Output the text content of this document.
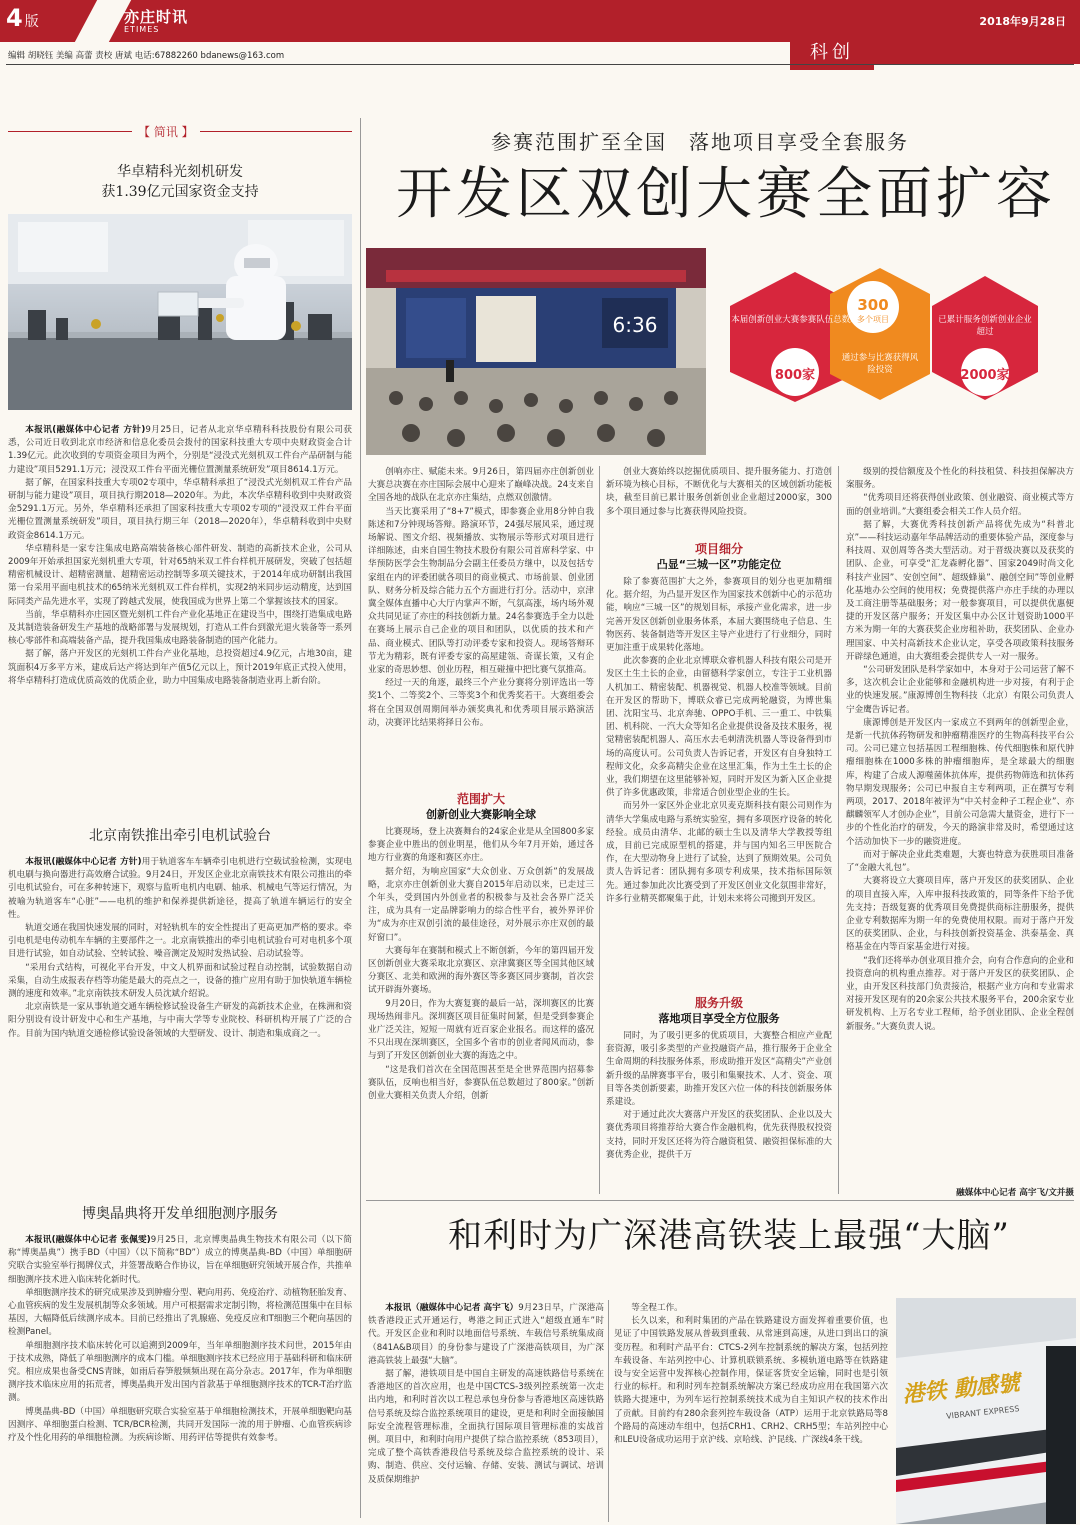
4 版	亦庄时讯
ETIMES
2018年9月28日
编辑 胡晓钰 美编 高蕾 责校 唐斌 电话:67882260 bdanews@163.com	科创
【 简讯 】
华卓精科光刻机研发
获1.39亿元国家资金支持

本报讯(融媒体中心记者 方针)9月25日，记者从北京华卓精科科技股份有限公司获悉，公司近日收到北京市经济和信息化委员会拨付的国家科技重大专项中央财政资金合计1.39亿元。此次收到的专项资金项目为两个，分别是“浸没式光刻机双工件台产品研制与能力建设”项目5291.1万元；浸没双工件台平面光栅位置测量系统研发”项目8614.1万元。

据了解，在国家科技重大专项02专项中，华卓精科承担了“浸没式光刻机双工件台产品研制与能力建设”项目，项目执行期2018—2020年。为此，本次华卓精科收到中央财政资金5291.1万元。另外，华卓精科还承担了国家科技重大专项02专项的“浸没双工件台平面光栅位置测量系统研发”项目，项目执行期三年（2018—2020年），华卓精科收到中央财政资金8614.1万元。

华卓精科是一家专注集成电路高端装备核心部件研发、制造的高新技术企业，公司从2009年开始承担国家光刻机重大专项，针对65纳米双工件台样机开展研发，突破了包括超精密机械设计、超精密测量、超精密运动控制等多项关键技术，于2014年成功研制出我国第一台采用平面电机技术的65纳米光刻机双工件台样机，实现2纳米同步运动精度，达到国际同类产品先进水平，实现了跨越式发展，使我国成为世界上第二个掌握该技术的国家。

当前，华卓精科亦庄园区暨光刻机工件台产业化基地正在建设当中，围绕打造集成电路及其制造装备研发生产基地的战略部署与发展规划，打造从工件台到激光退火装备等一系列核心零部件和高端装备产品，提升我国集成电路装备制造的国产化能力。

据了解，落户开发区的光刻机工件台产业化基地，总投资超过4.9亿元，占地30亩，建筑面积4万多平方米，建成后达产将达到年产值5亿元以上，预计2019年底正式投入使用，将华卓精科打造成优质高效的优质企业，助力中国集成电路装备制造业再上新台阶。

北京南铁推出牵引电机试验台

本报讯(融媒体中心记者 方针)用于轨道客车车辆牵引电机进行空载试验检测，实现电机电刷与换向器进行高效磨合试验。9月24日，开发区企业北京南铁技术有限公司推出的牵引电机试验台，可在多种转速下，观察与监听电机内电刷、轴承、机械电气等运行情况，为被喻为轨道客车“心脏”——电机的维护和保养提供新途径，提高了轨道车辆运行的安全性。

轨道交通在我国快速发展的同时，对轻轨机车的安全性提出了更高更加严格的要求。牵引电机是电传动机车车辆的主要部件之一。北京南铁推出的牵引电机试验台可对电机多个项目进行试验，如自动试验、空转试验、噪音测定及短时发热试验、启动试验等。

“采用台式结构，可视化平台开发，中文人机界面和试验过程自动控制，试验数据自动采集，自动生成报表存档等功能是最大的亮点之一，设备的推广应用有助于加快轨道车辆检测的速度和效率。”北京南铁技术研发人员沈斌介绍说。

北京南铁是一家从事轨道交通车辆检修试验设备生产研发的高新技术企业，在株洲和资阳分别设有设计研发中心和生产基地，与中南大学等专业院校、科研机构开展了广泛的合作。目前为国内轨道交通检修试验设备领域的大型研发、设计、制造和集成商之一。

博奥晶典将开发单细胞测序服务

本报讯(融媒体中心记者 张佩雯)9月25日，北京博奥晶典生物技术有限公司（以下简称“博奥晶典”）携手BD（中国）（以下简称“BD”）成立的博奥晶典-BD（中国）单细胞研究联合实验室举行揭牌仪式，并签署战略合作协议，旨在单细胞研究领域开展合作，共推单细胞测序技术进入临床转化新时代。

单细胞测序技术的研究成果涉及到肿瘤分型、靶向用药、免疫治疗、动植物胚胎发育、心血管疾病的发生发展机制等众多领域。用户可根据需求定制引物，将检测范围集中在目标基因，大幅降低后续测序成本。目前已经推出了乳腺癌、免疫反应和T细胞三个靶向基因的检测Panel。

单细胞测序技术临床转化可以追溯到2009年，当年单细胞测序技术问世，2015年由于技术成熟，降低了单细胞测序的成本门槛。单细胞测序技术已经应用于基础科研和临床研究。相应成果也备受CNS青睐，如雨后春笋般频频出现在高分杂志。2017年，作为单细胞测序技术临床应用的拓荒者，博奥晶典开发出国内首款基于单细胞测序技术的TCR-T治疗监测。

博奥晶典-BD（中国）单细胞研究联合实验室基于单细胞检测技术，开展单细胞靶向基因测序、单细胞蛋白检测、TCR/BCR检测，共同开发国际一流的用于肿瘤、心血管疾病诊疗及个性化用药的单细胞检测。为疾病诊断、用药评估等提供有效参考。

参赛范围扩至全国　落地项目享受全套服务
开发区双创大赛全面扩容
6:36	本届创新创业大赛参赛队伍总数超
800家
300
多个项目
通过参与比赛获得风险投资
已累计服务创新创业企业超过
2000家

创响亦庄、赋能未来。9月26日，第四届亦庄创新创业大赛总决赛在亦庄国际会展中心迎来了巅峰决战。24支来自全国各地的战队在北京亦庄集结，点燃双创激情。

当天比赛采用了“8+7”模式，即参赛企业用8分钟自我陈述和7分钟现场答辩。路演环节，24强尽展风采，通过现场解说、图文介绍、视频播放、实物展示等形式对项目进行详细陈述，由来自国生物技术股份有限公司首席科学家、中华预防医学会生物制品分会副主任委员方继中，以及包括专家组在内的评委团就各项目的商业模式、市场前景、创业团队、财务分析及综合能力五个方面进行打分。活动中，京津冀全媒体直播中心大厅内掌声不断，气氛高涨，场内场外观众共同见证了亦庄的科技创新力量。24名参赛选手全力以赴在赛场上展示自己企业的项目和团队，以优质的技术和产品、商业模式、团队等打动评委专家和投资人。现场答辩环节尤为精彩，既有评委专家的高屋建瓴、奇谋长策，又有企业家的奇思妙想、创业历程，相互碰撞中把比赛气氛推高。

经过一天的角逐，最终三个产业分赛将分别评选出一等奖1个、二等奖2个、三等奖3个和优秀奖若干。大赛组委会将在全国双创周期间举办颁奖典礼和优秀项目展示路演活动，决赛评比结果将择日公布。

范围扩大
创新创业大赛影响全球

比赛现场，登上决赛舞台的24家企业是从全国800多家参赛企业中胜出的创业明星，他们从今年7月开始，通过各地方行业赛的角逐和赛区亦庄。

据介绍，为响应国家“大众创业、万众创新”的发展战略，北京亦庄创新创业大赛自2015年启动以来，已走过三个年头，受到国内外创业者的积极参与及社会各界广泛关注，成为具有一定品牌影响力的综合性平台，被外界评价为“成为亦庄双创引流的最佳途径，对外展示亦庄双创的最好窗口”。

大赛每年在赛制和模式上不断创新，今年的第四届开发区创新创业大赛采取北京赛区、京津冀赛区等全国其他区域分赛区、北美和欧洲的海外赛区等多赛区同步赛制，首次尝试开辟海外赛场。

9月20日，作为大赛复赛的最后一站，深圳赛区的比赛现场热闹非凡。深圳赛区项目征集时间紧，但是受到参赛企业广泛关注，短短一周就有近百家企业报名。而这样的盛况不只出现在深圳赛区，全国多个省市的创业者闻风而动，参与到了开发区创新创业大赛的海选之中。

“这是我们首次在全国范围甚至是全世界范围内招募参赛队伍，反响也相当好，参赛队伍总数超过了800家。”创新创业大赛相关负责人介绍，创新

创业大赛始终以挖掘优质项目、提升服务能力、打造创新环境为核心目标，不断优化与大赛相关的区域创新功能板块，截至目前已累计服务创新创业企业超过2000家，300多个项目通过参与比赛获得风险投资。

项目细分
凸显“三城一区”功能定位

除了参赛范围扩大之外，参赛项目的划分也更加精细化。据介绍，为凸显开发区作为国家技术创新中心的示范功能，响应“三城一区”的规划目标，承接产业化需求，进一步完善开发区创新创业服务体系，本届大赛围绕电子信息、生物医药、装备制造等开发区主导产业进行了行业细分，同时更加注重于成果转化落地。

此次参赛的企业北京博联众睿机器人科技有限公司是开发区土生土长的企业，由留德科学家创立，专注于工业机器人机加工、精密装配、机器视觉、机器人校准等领域。目前在开发区的帮助下，博联众睿已完成两轮融资，为博世集团、沈阳宝马、北京奔驰、OPPO手机、三一重工、中铁集团、机科院、一汽大众等知名企业提供设备及技术服务，视觉精密装配机器人、高压水去毛刺清洗机器人等设备得到市场的高度认可。公司负责人告诉记者，开发区有自身独特工程师文化，众多高精尖企业在这里汇集，作为土生土长的企业，我们期望在这里能够补短，同时开发区为新入区企业提供了许多优惠政策，非常适合创业型企业的生长。

而另外一家区外企业北京贝麦克斯科技有限公司则作为清华大学集成电路与系统实验室，拥有多项医疗设备的转化经验。成员由清华、北邮的硕士生以及清华大学教授等组成，目前已完成原型机的搭建，并与国内知名三甲医院合作，在大型动物身上进行了试验，达到了预期效果。公司负责人告诉记者：团队拥有多项专利成果，技术指标国际领先。通过参加此次比赛受到了开发区创业文化氛围非常好，许多行业精英都聚集于此，计划未来将公司搬到开发区。

服务升级
落地项目享受全方位服务

同时，为了吸引更多的优质项目，大赛整合相应产业配套资源，吸引多类型的产业投融资产品，推行服务于企业全生命周期的科技服务体系，形成助推开发区“高精尖”产业创新升级的品牌赛事平台，吸引和集聚技术、人才、资金、项目等各类创新要素，助推开发区六位一体的科技创新服务体系建设。

对于通过此次大赛落户开发区的获奖团队、企业以及大赛优秀项目将推荐给大赛合作金融机构，优先获得股权投资支持，同时开发区还将为符合融资租赁、融资担保标准的大赛优秀企业，提供千万

级别的授信额度及个性化的科技租赁、科技担保解决方案服务。

“优秀项目还将获得创业政策、创业融资、商业模式等方面的创业培训。”大赛组委会相关工作人员介绍。

据了解，大赛优秀科技创新产品将优先成为“科普北京”——科技运动嘉年华品牌活动的重要体验产品，深度参与科技周、双创周等各类大型活动。对于晋级决赛以及获奖的团队、企业，可享受“汇龙森孵化器”、国家2049时尚文化科技产业园”、安创空间”、超级蜂巢”、融创空间”等创业孵化基地办公空间的使用权；免费提供落户亦庄手续的办理以及工商注册等基础服务；对一般参赛项目，可以提供优惠便捷的开发区落户服务；开发区集中办公区计划资助1000平方米为期一年的大赛获奖企业房租补助，获奖团队、企业办理国家、中关村高新技术企业认定，享受各项政策科技服务开辟绿色通道，由大赛组委会提供专人一对一服务。

“公司研发团队是科学家如中，本身对于公司运营了解不多，这次机会让企业能够和金融机构进一步对接，有利于企业的快速发展。”康源博创生物科技（北京）有限公司负责人宁金鹰告诉记者。

康源博创是开发区内一家成立不到两年的创新型企业，是新一代抗体药物研发和肿瘤精准医疗的生物高科技平台公司。公司已建立包括基因工程细胞株、传代细胞株和原代肿瘤细胞株在1000多株的肿瘤细胞库，是全球最大的细胞库，构建了合成人源噬菌体抗体库，提供药物筛选和抗体药物早期发现服务；公司已申报自主专利两项，正在撰写专利两项，2017、2018年被评为“中关村金种子工程企业”、亦麒麟领军人才创办企业”，目前公司急需大量资金，进行下一步的个性化治疗的研发，今天的路演非常及时，希望通过这个活动加快下一步的融资进度。

而对于解决企业此类难题，大赛也特意为获胜项目准备了“金融大礼包”。

大赛将设立大赛项目库，落户开发区的获奖团队、企业的项目直接入库，入库申报科技政策的，同等条件下给予优先支持；吾级复赛的优秀项目免费提供商标注册服务，提供企业专利数据库为期一年的免费使用权限。而对于落户开发区的获奖团队、企业，与科技创新投资基金、洪泰基金、真格基金在内等百家基金进行对接。

“我们还将举办创业项目推介会，向有合作意向的企业和投资意向的机构重点推荐。对于落户开发区的获奖团队、企业，由开发区科技部门负责接洽，根据产业方向和专业需求对接开发区现有的20余家公共技术服务平台，200余家专业研发机构、上万名专业工程师，给予创业团队、企业全程创新服务。”大赛负责人说。

融媒体中心记者 高宇飞/文并摄
和利时为广深港高铁装上最强“大脑”

本报讯（融媒体中心记者 高宇飞）9月23日早，广深港高铁香港段正式开通运行，粤港之间正式进入“超级直通车”时代。开发区企业和利时以地面信号系统、车载信号系统集成商（841A&B项目）的身份参与建设了广深港高铁项目，为广深港高铁装上最强“大脑”。

据了解，港铁项目是中国自主研发的高速铁路信号系统在香港地区的首次应用，也是中国CTCS-3级列控系统第一次走出内地，和利时首次以工程总承包身份参与香港地区高速铁路信号系统及综合监控系统项目的建设，更是和利时全面接触国际安全流程管理标准，全面执行国际项目管理标准的实战首例。项目中，和利时向用户提供了综合监控系统（853项目），完成了整个高铁香港段信号系统及综合监控系统的设计、采购、制造、供应、交付运输、存储、安装、测试与调试、培训及质保期维护

等全程工作。

长久以来，和利时集团的产品在铁路建设方面发挥着重要价值，也见证了中国铁路发展从普载到重载、从常速到高速，从进口到出口的演变历程。和利时产品平台：CTCS-2列车控制系统的解决方案，包括列控车载设备、车站列控中心、计算机联锁系统、多模轨道电路等在铁路建设与安全运营中发挥核心控制作用，保证客货安全运输，同时也是引领行业的标杆。和利时列车控制系统解决方案已经成功应用在我国第六次铁路大提速中，为列车运行控制系统技术成为自主知识产权的技术作出了贡献。目前约有280余套列控车载设备（ATP）运用于北京铁路局等8个路局的高速动车组中，包括CRH1、CRH2、CRH5型；车站列控中心和LEU设备成功运用于京沪线、京哈线、沪昆线、广深线4条干线。

港铁 動感號
VIBRANT EXPRESS
